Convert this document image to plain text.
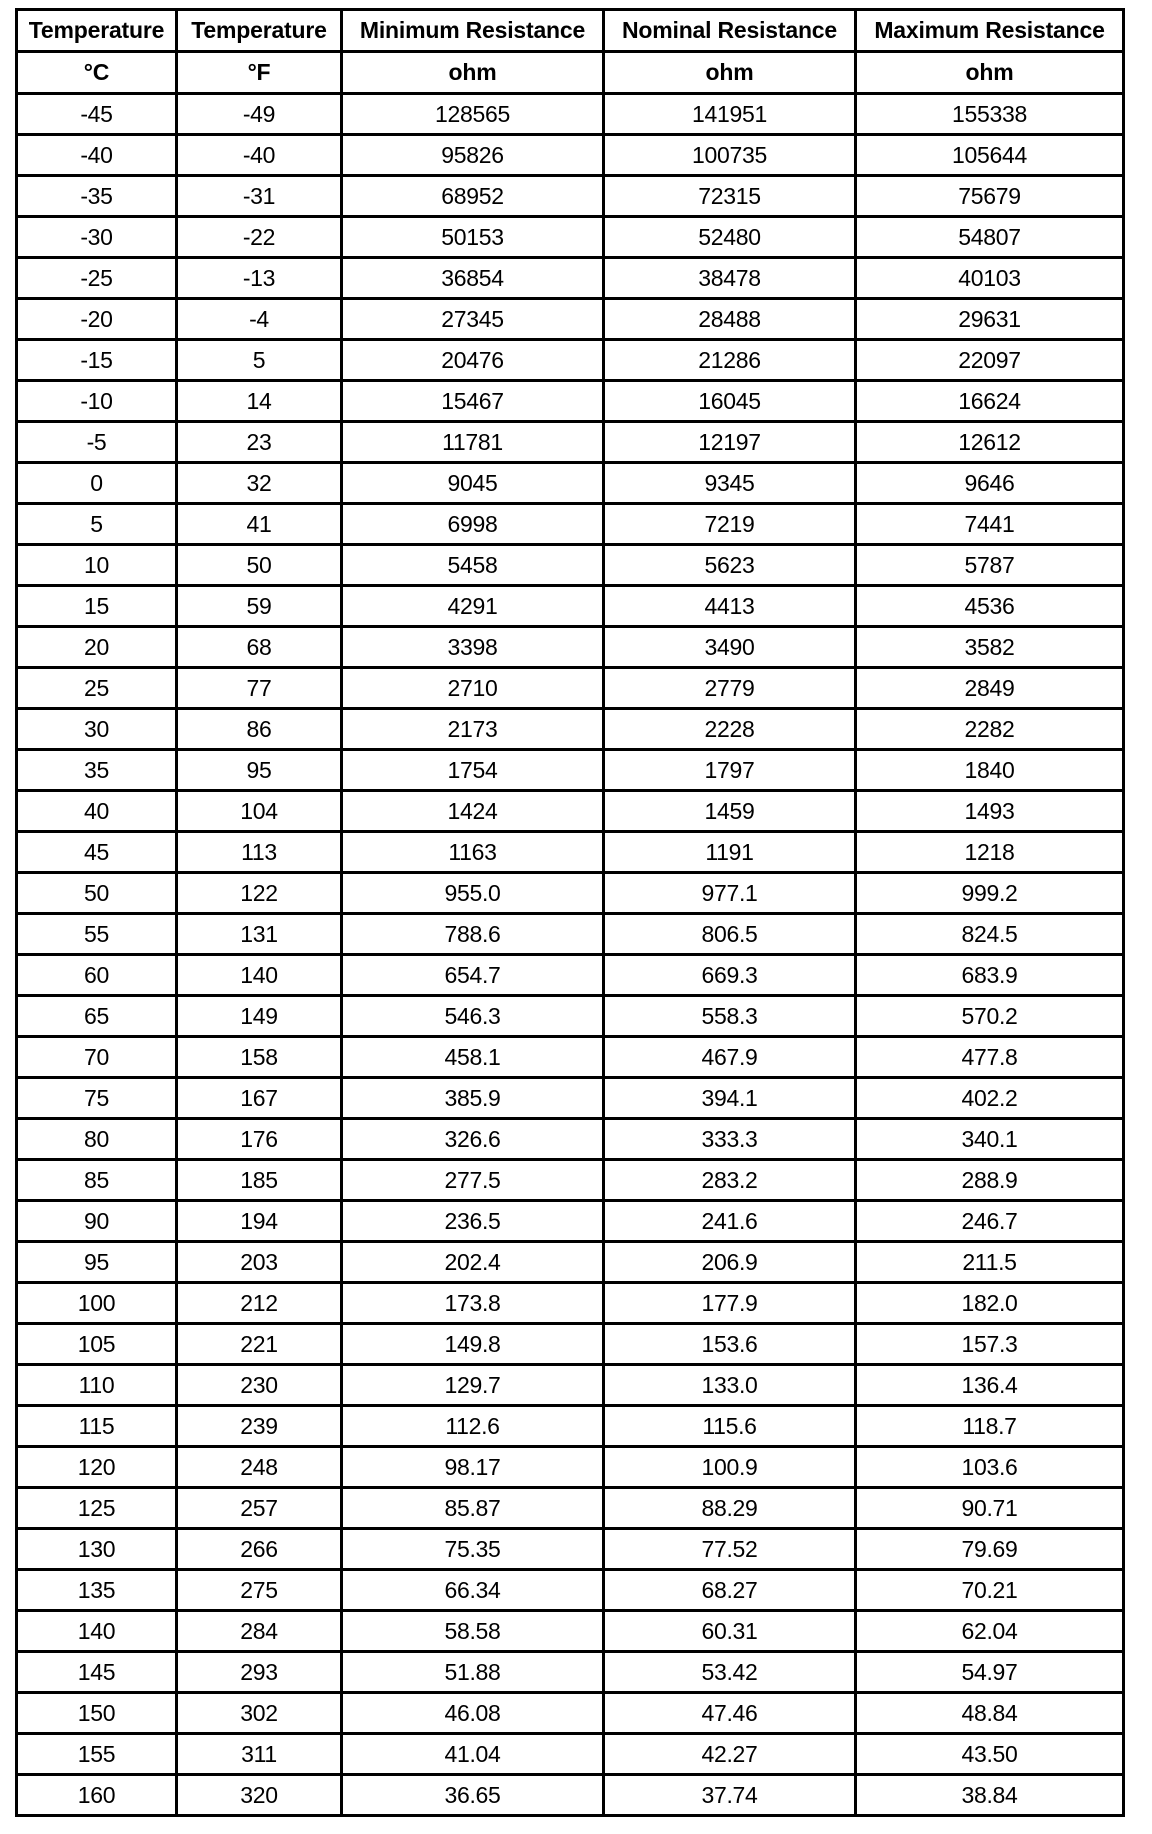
Temperature	Temperature	Minimum Resistance	Nominal Resistance	Maximum Resistance
°C	°F	ohm	ohm	ohm
-45	-49	128565	141951	155338
-40	-40	95826	100735	105644
-35	-31	68952	72315	75679
-30	-22	50153	52480	54807
-25	-13	36854	38478	40103
-20	-4	27345	28488	29631
-15	5	20476	21286	22097
-10	14	15467	16045	16624
-5	23	11781	12197	12612
0	32	9045	9345	9646
5	41	6998	7219	7441
10	50	5458	5623	5787
15	59	4291	4413	4536
20	68	3398	3490	3582
25	77	2710	2779	2849
30	86	2173	2228	2282
35	95	1754	1797	1840
40	104	1424	1459	1493
45	113	1163	1191	1218
50	122	955.0	977.1	999.2
55	131	788.6	806.5	824.5
60	140	654.7	669.3	683.9
65	149	546.3	558.3	570.2
70	158	458.1	467.9	477.8
75	167	385.9	394.1	402.2
80	176	326.6	333.3	340.1
85	185	277.5	283.2	288.9
90	194	236.5	241.6	246.7
95	203	202.4	206.9	211.5
100	212	173.8	177.9	182.0
105	221	149.8	153.6	157.3
110	230	129.7	133.0	136.4
115	239	112.6	115.6	118.7
120	248	98.17	100.9	103.6
125	257	85.87	88.29	90.71
130	266	75.35	77.52	79.69
135	275	66.34	68.27	70.21
140	284	58.58	60.31	62.04
145	293	51.88	53.42	54.97
150	302	46.08	47.46	48.84
155	311	41.04	42.27	43.50
160	320	36.65	37.74	38.84
